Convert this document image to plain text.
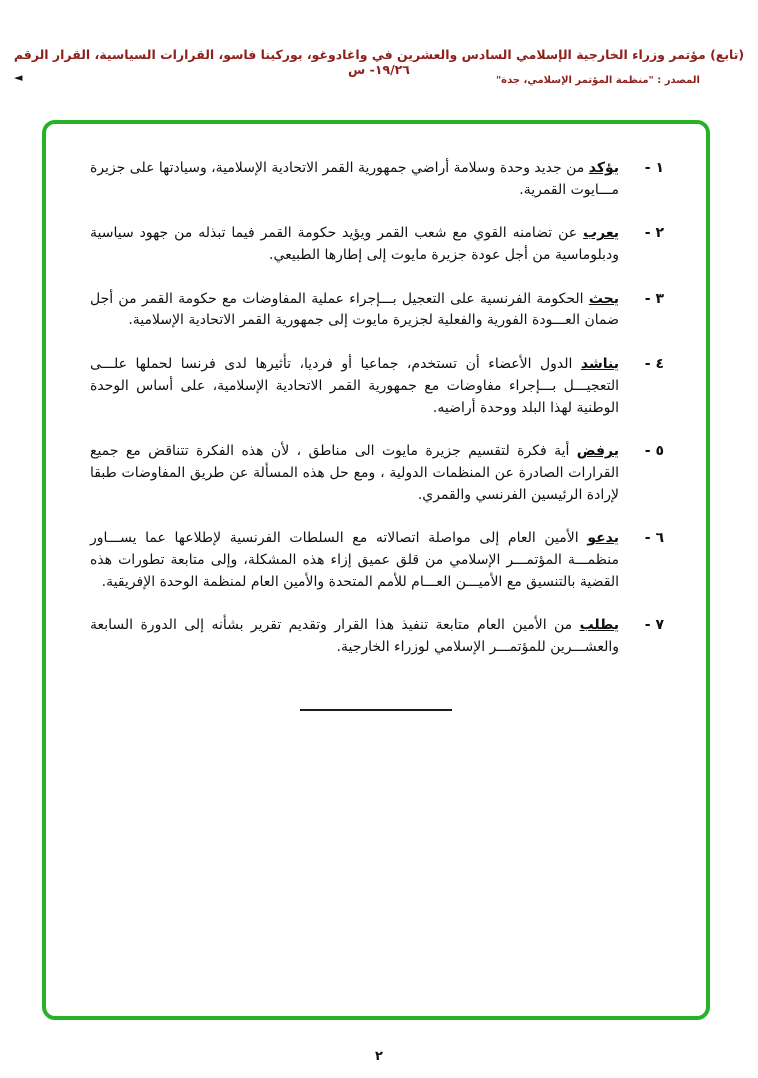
(تابع) مؤتمر وزراء الخارجية الإسلامي السادس والعشرين في واغادوغو، بوركينا فاسو، القرارات السياسية، القرار الرقم ١٩/٢٦- س
◄	المصدر : "منظمة المؤتمر الإسلامي، جدة"
١ -
يؤكد من جديد وحدة وسلامة أراضي جمهورية القمر الاتحادية الإسلامية، وسيادتها على جزيرة مـــايوت القمرية.
٢ -
يعرب عن تضامنه القوي مع شعب القمر ويؤيد حكومة القمر فيما تبذله من جهود سياسية ودبلوماسية من أجل عودة جزيرة مايوت إلى إطارها الطبيعي.
٣ -
يحث الحكومة الفرنسية على التعجيل بـــإجراء عملية المفاوضات مع حكومة القمر من أجل ضمان العـــودة الفورية والفعلية لجزيرة مايوت إلى جمهورية القمر الاتحادية الإسلامية.
٤ -
يناشد الدول الأعضاء أن تستخدم، جماعيا أو فرديا، تأثيرها لدى فرنسا لحملها علـــى التعجيـــل بـــإجراء مفاوضات مع جمهورية القمر الاتحادية الإسلامية، على أساس الوحدة الوطنية لهذا البلد ووحدة أراضيه.
٥ -
يرفض أية فكرة لتقسيم جزيرة مايوت الى مناطق ، لأن هذه الفكرة تتناقض مع جميع القرارات الصادرة عن المنظمات الدولية ، ومع حل هذه المسألة عن طريق المفاوضات طبقا لإرادة الرئيسين الفرنسي والقمري.
٦ -
يدعو الأمين العام إلى مواصلة اتصالاته مع السلطات الفرنسية لإطلاعها عما يســـاور منظمـــة المؤتمـــر الإسلامي من قلق عميق إزاء هذه المشكلة، وإلى متابعة تطورات هذه القضية بالتنسيق مع الأميـــن العـــام للأمم المتحدة والأمين العام لمنظمة الوحدة الإفريقية.
٧ -
يطلب من الأمين العام متابعة تنفيذ هذا القرار وتقديم تقرير بشأنه إلى الدورة السابعة والعشـــرين للمؤتمـــر الإسلامي لوزراء الخارجية.
٢
